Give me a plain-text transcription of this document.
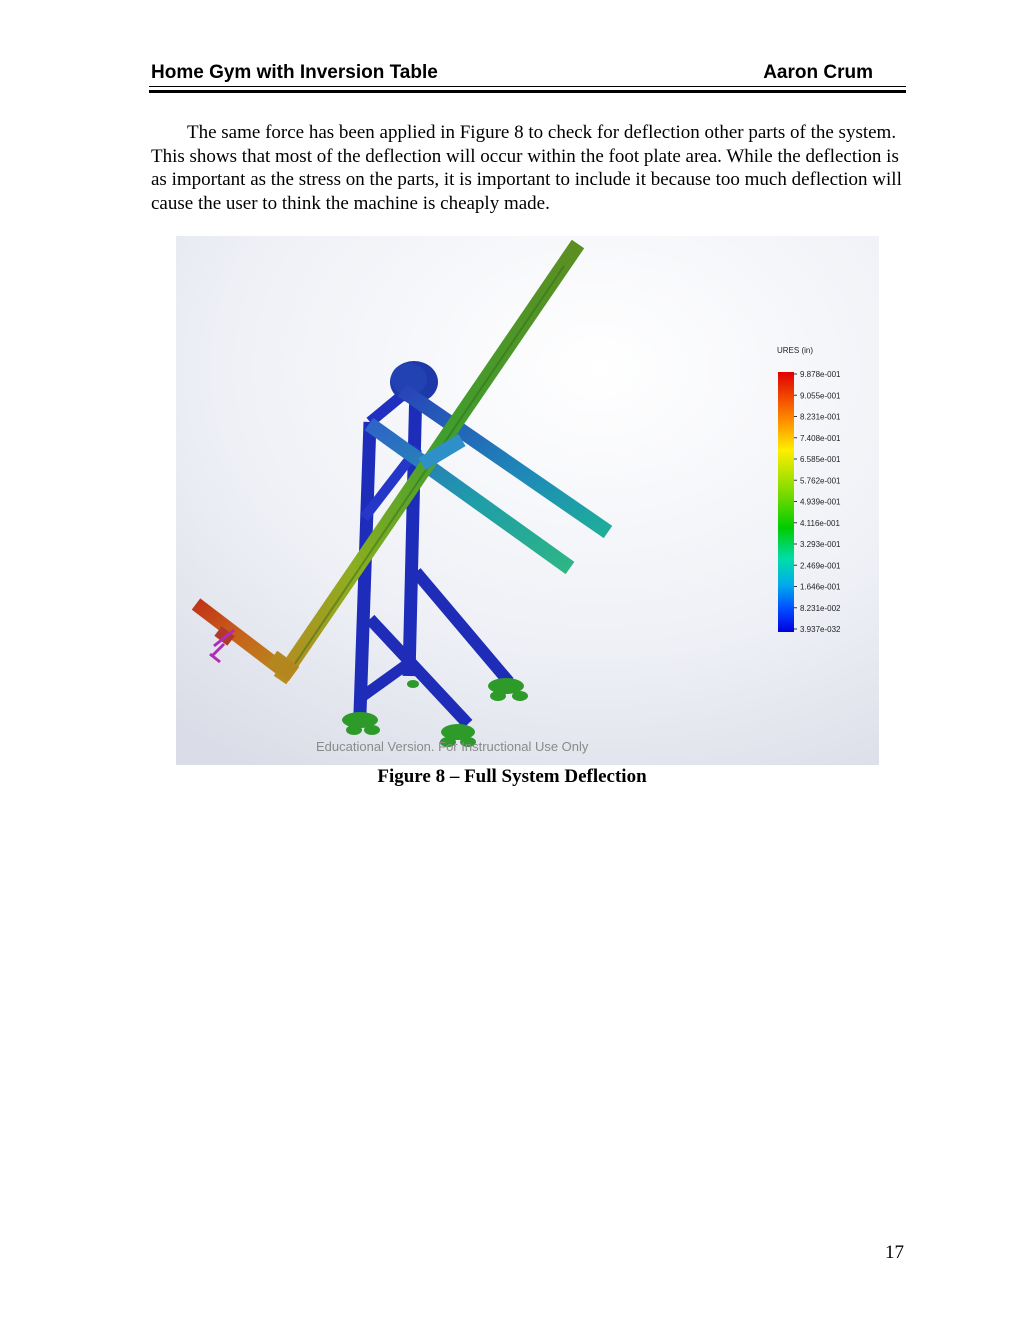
Home Gym with Inversion Table	Aaron Crum

The same force has been applied in Figure 8 to check for deflection other parts of the system. This shows that most of the deflection will occur within the foot plate area. While the deflection is as important as the stress on the parts, it is important to include it because too much deflection will cause the user to think the machine is cheaply made.

URES (in)
9.878e-001
9.055e-001
8.231e-001
7.408e-001
6.585e-001
5.762e-001
4.939e-001
4.116e-001
3.293e-001
2.469e-001
1.646e-001
8.231e-002
3.937e-032
Educational Version. For Instructional Use Only
Figure 8 – Full System Deflection
17
